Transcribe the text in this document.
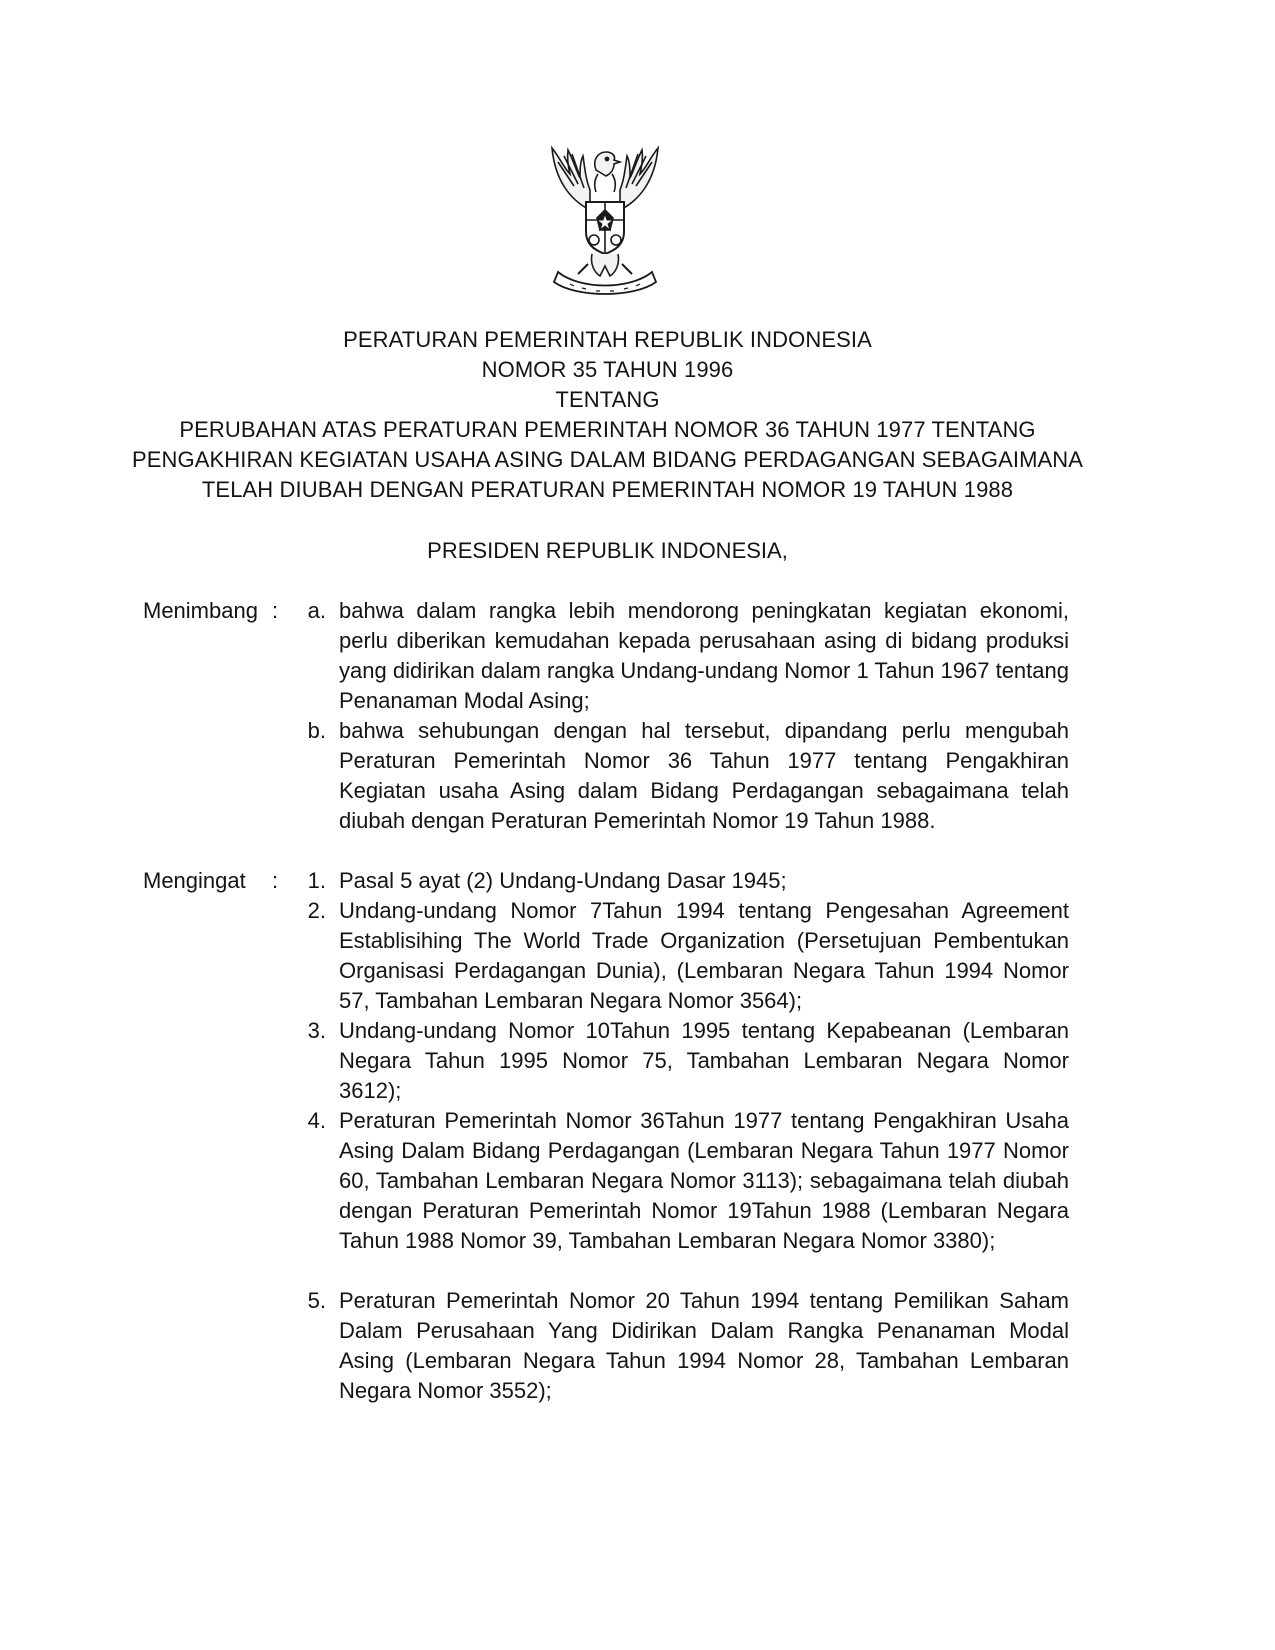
PERATURAN PEMERINTAH REPUBLIK INDONESIA
NOMOR 35 TAHUN 1996
TENTANG
PERUBAHAN ATAS PERATURAN PEMERINTAH NOMOR 36 TAHUN 1977 TENTANG
PENGAKHIRAN KEGIATAN USAHA ASING DALAM BIDANG PERDAGANGAN SEBAGAIMANA
TELAH DIUBAH DENGAN PERATURAN PEMERINTAH NOMOR 19 TAHUN 1988
PRESIDEN REPUBLIK INDONESIA,
Menimbang :	a. bahwa dalam rangka lebih mendorong peningkatan kegiatan ekonomi, perlu diberikan kemudahan kepada perusahaan asing di bidang produksi yang didirikan dalam rangka Undang-undang Nomor 1 Tahun 1967 tentang Penanaman Modal Asing;
b. bahwa sehubungan dengan hal tersebut, dipandang perlu mengubah Peraturan Pemerintah Nomor 36 Tahun 1977 tentang Pengakhiran Kegiatan usaha Asing dalam Bidang Perdagangan sebagaimana telah diubah dengan Peraturan Pemerintah Nomor 19 Tahun 1988.
Mengingat :	1. Pasal 5 ayat (2) Undang-Undang Dasar 1945;
2. Undang-undang Nomor 7Tahun 1994 tentang Pengesahan Agreement Establisihing The World Trade Organization (Persetujuan Pembentukan Organisasi Perdagangan Dunia), (Lembaran Negara Tahun 1994 Nomor 57, Tambahan Lembaran Negara Nomor 3564);
3. Undang-undang Nomor 10Tahun 1995 tentang Kepabeanan (Lembaran Negara Tahun 1995 Nomor 75, Tambahan Lembaran Negara Nomor 3612);
4. Peraturan Pemerintah Nomor 36Tahun 1977 tentang Pengakhiran Usaha Asing Dalam Bidang Perdagangan (Lembaran Negara Tahun 1977 Nomor 60, Tambahan Lembaran Negara Nomor 3113); sebagaimana telah diubah dengan Peraturan Pemerintah Nomor 19Tahun 1988 (Lembaran Negara Tahun 1988 Nomor 39, Tambahan Lembaran Negara Nomor 3380);
5. Peraturan Pemerintah Nomor 20 Tahun 1994 tentang Pemilikan Saham Dalam Perusahaan Yang Didirikan Dalam Rangka Penanaman Modal Asing (Lembaran Negara Tahun 1994 Nomor 28, Tambahan Lembaran Negara Nomor 3552);
